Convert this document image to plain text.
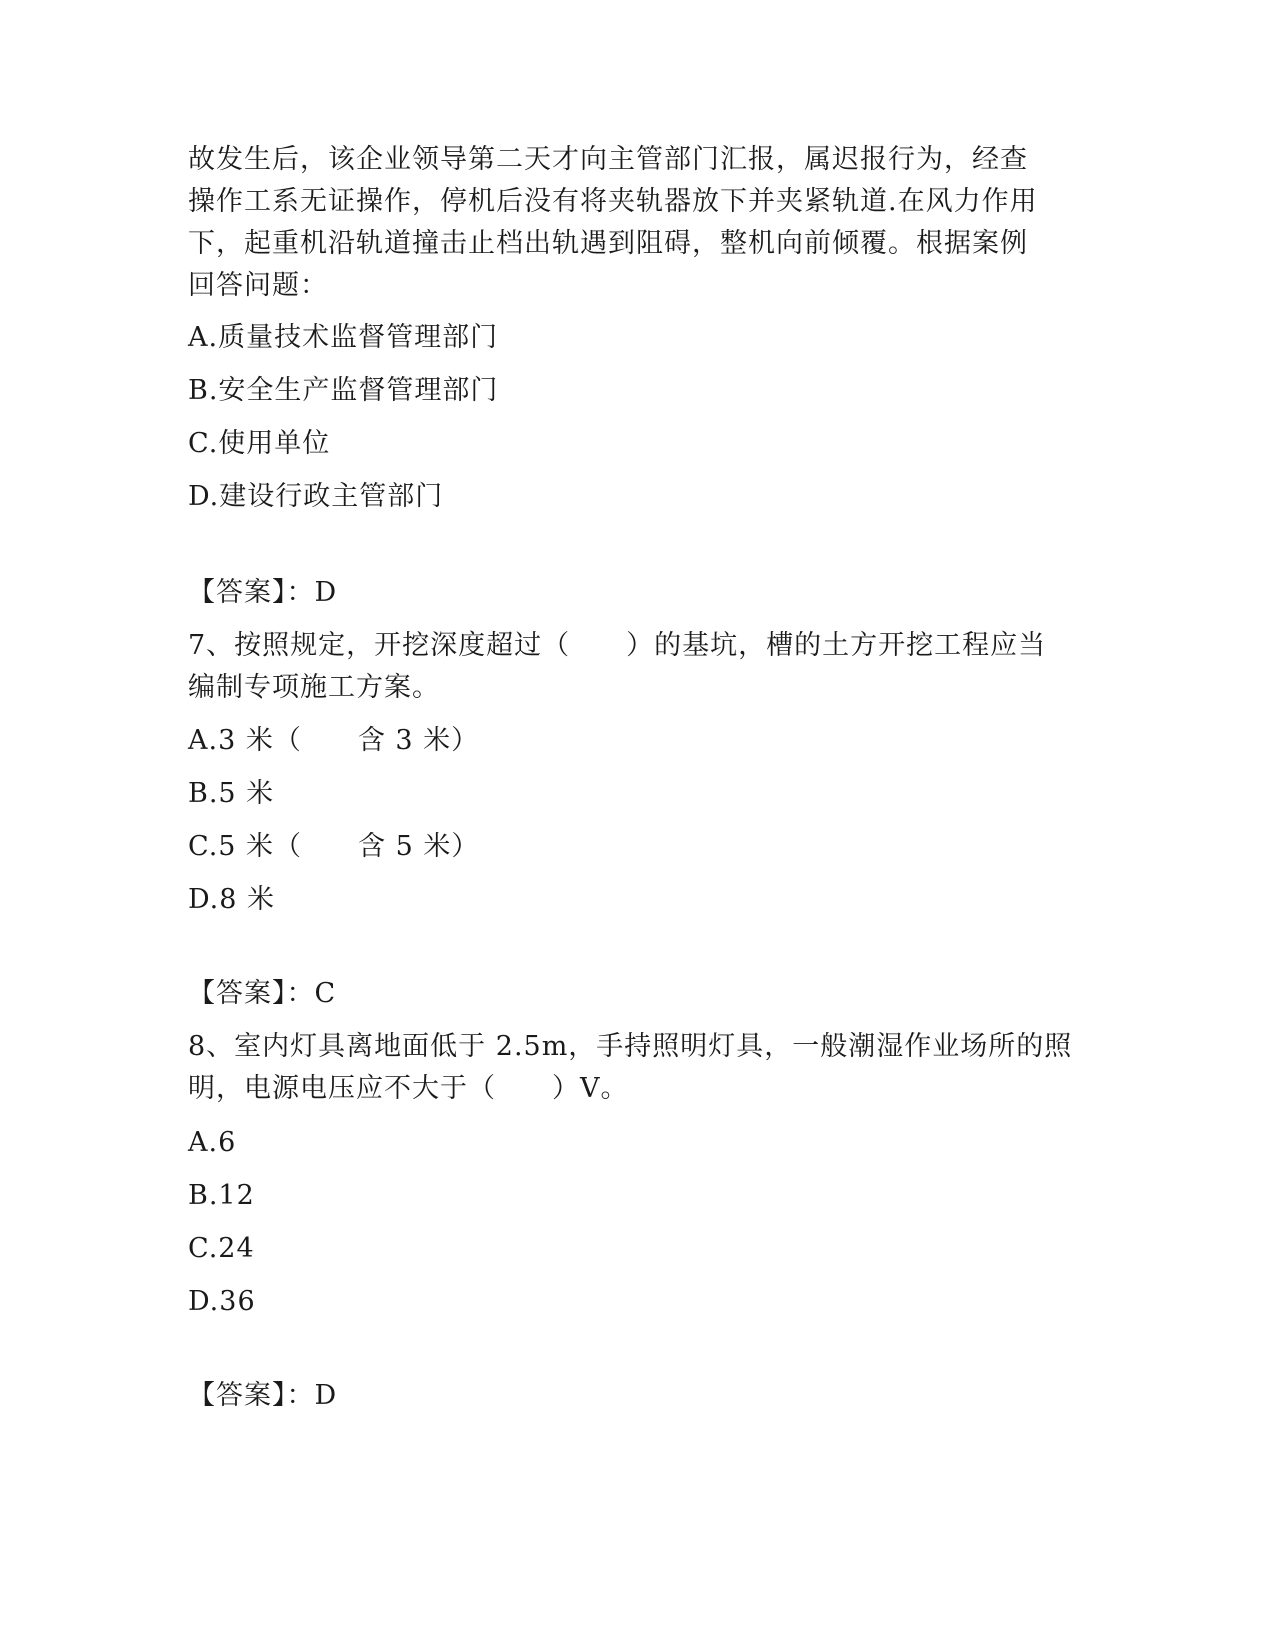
故发生后，该企业领导第二天才向主管部门汇报，属迟报行为，经查
操作工系无证操作，停机后没有将夹轨器放下并夹紧轨道.在风力作用
下，起重机沿轨道撞击止档出轨遇到阻碍，整机向前倾覆。根据案例
回答问题：
A.质量技术监督管理部门
B.安全生产监督管理部门
C.使用单位
D.建设行政主管部门
【答案】：D
7、按照规定，开挖深度超过（　　）的基坑，槽的土方开挖工程应当
编制专项施工方案。
A.3 米（　　含 3 米）
B.5 米
C.5 米（　　含 5 米）
D.8 米
【答案】：C
8、室内灯具离地面低于 2.5m，手持照明灯具，一般潮湿作业场所的照
明，电源电压应不大于（　　）V。
A.6
B.12
C.24
D.36
【答案】：D
